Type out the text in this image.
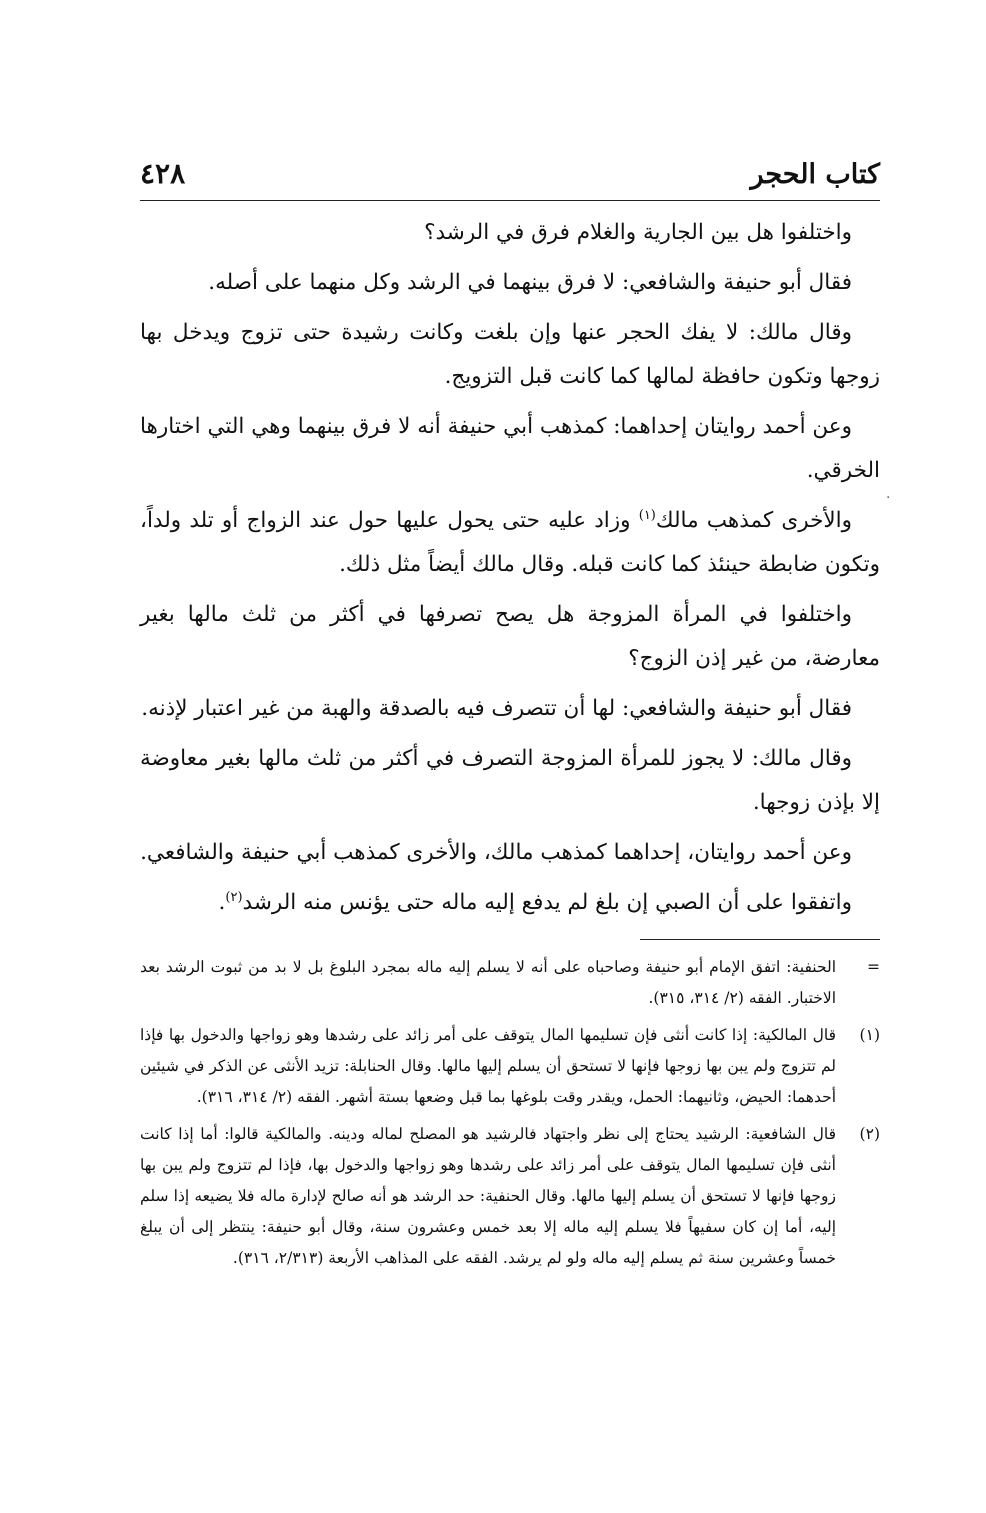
كتاب الحجر
٤٢٨

واختلفوا هل بين الجارية والغلام فرق في الرشد؟

فقال أبو حنيفة والشافعي: لا فرق بينهما في الرشد وكل منهما على أصله.

وقال مالك: لا يفك الحجر عنها وإن بلغت وكانت رشيدة حتى تزوج ويدخل بها زوجها وتكون حافظة لمالها كما كانت قبل التزويج.

وعن أحمد روايتان إحداهما: كمذهب أبي حنيفة أنه لا فرق بينهما وهي التي اختارها الخرقي.

والأخرى كمذهب مالك$^{(١)}$ وزاد عليه حتى يحول عليها حول عند الزواج أو تلد ولداً، وتكون ضابطة حينئذ كما كانت قبله. وقال مالك أيضاً مثل ذلك.

واختلفوا في المرأة المزوجة هل يصح تصرفها في أكثر من ثلث مالها بغير معارضة، من غير إذن الزوج؟

فقال أبو حنيفة والشافعي: لها أن تتصرف فيه بالصدقة والهبة من غير اعتبار لإذنه.

وقال مالك: لا يجوز للمرأة المزوجة التصرف في أكثر من ثلث مالها بغير معاوضة إلا بإذن زوجها.

وعن أحمد روايتان، إحداهما كمذهب مالك، والأخرى كمذهب أبي حنيفة والشافعي.

واتفقوا على أن الصبي إن بلغ لم يدفع إليه ماله حتى يؤنس منه الرشد$^{(٢)}$.

=
الحنفية: اتفق الإمام أبو حنيفة وصاحباه على أنه لا يسلم إليه ماله بمجرد البلوغ بل لا بد من ثبوت الرشد بعد الاختبار. الفقه (٢/ ٣١٤، ٣١٥).
(١)
قال المالكية: إذا كانت أنثى فإن تسليمها المال يتوقف على أمر زائد على رشدها وهو زواجها والدخول بها فإذا لم تتزوج ولم يبن بها زوجها فإنها لا تستحق أن يسلم إليها مالها. وقال الحنابلة: تزيد الأنثى عن الذكر في شيئين أحدهما: الحيض، وثانيهما: الحمل، ويقدر وقت بلوغها بما قبل وضعها بستة أشهر. الفقه (٢/ ٣١٤، ٣١٦).
(٢)
قال الشافعية: الرشيد يحتاج إلى نظر واجتهاد فالرشيد هو المصلح لماله ودينه. والمالكية قالوا: أما إذا كانت أنثى فإن تسليمها المال يتوقف على أمر زائد على رشدها وهو زواجها والدخول بها، فإذا لم تتزوج ولم يبن بها زوجها فإنها لا تستحق أن يسلم إليها مالها. وقال الحنفية: حد الرشد هو أنه صالح لإدارة ماله فلا يضيعه إذا سلم إليه، أما إن كان سفيهاً فلا يسلم إليه ماله إلا بعد خمس وعشرون سنة، وقال أبو حنيفة: ينتظر إلى أن يبلغ خمساً وعشرين سنة ثم يسلم إليه ماله ولو لم يرشد. الفقه على المذاهب الأربعة (٢/٣١٣، ٣١٦).
·
